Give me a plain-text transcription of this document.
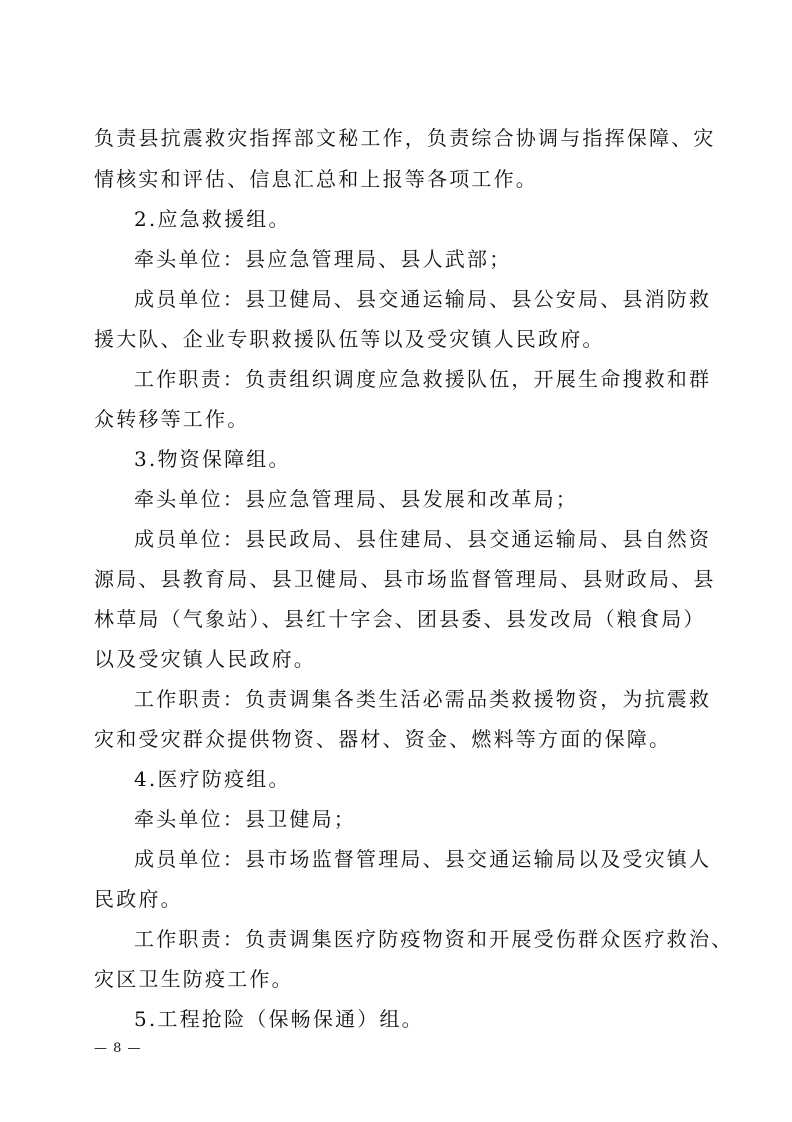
负责县抗震救灾指挥部文秘工作，负责综合协调与指挥保障、灾
情核实和评估、信息汇总和上报等各项工作。
2.应急救援组。
牵头单位：县应急管理局、县人武部；
成员单位：县卫健局、县交通运输局、县公安局、县消防救
援大队、企业专职救援队伍等以及受灾镇人民政府。
工作职责：负责组织调度应急救援队伍，开展生命搜救和群
众转移等工作。
3.物资保障组。
牵头单位：县应急管理局、县发展和改革局；
成员单位：县民政局、县住建局、县交通运输局、县自然资
源局、县教育局、县卫健局、县市场监督管理局、县财政局、县
林草局（气象站）、县红十字会、团县委、县发改局（粮食局）
以及受灾镇人民政府。
工作职责：负责调集各类生活必需品类救援物资，为抗震救
灾和受灾群众提供物资、器材、资金、燃料等方面的保障。
4.医疗防疫组。
牵头单位：县卫健局；
成员单位：县市场监督管理局、县交通运输局以及受灾镇人
民政府。
工作职责：负责调集医疗防疫物资和开展受伤群众医疗救治、
灾区卫生防疫工作。
5.工程抢险（保畅保通）组。
— 8 —
